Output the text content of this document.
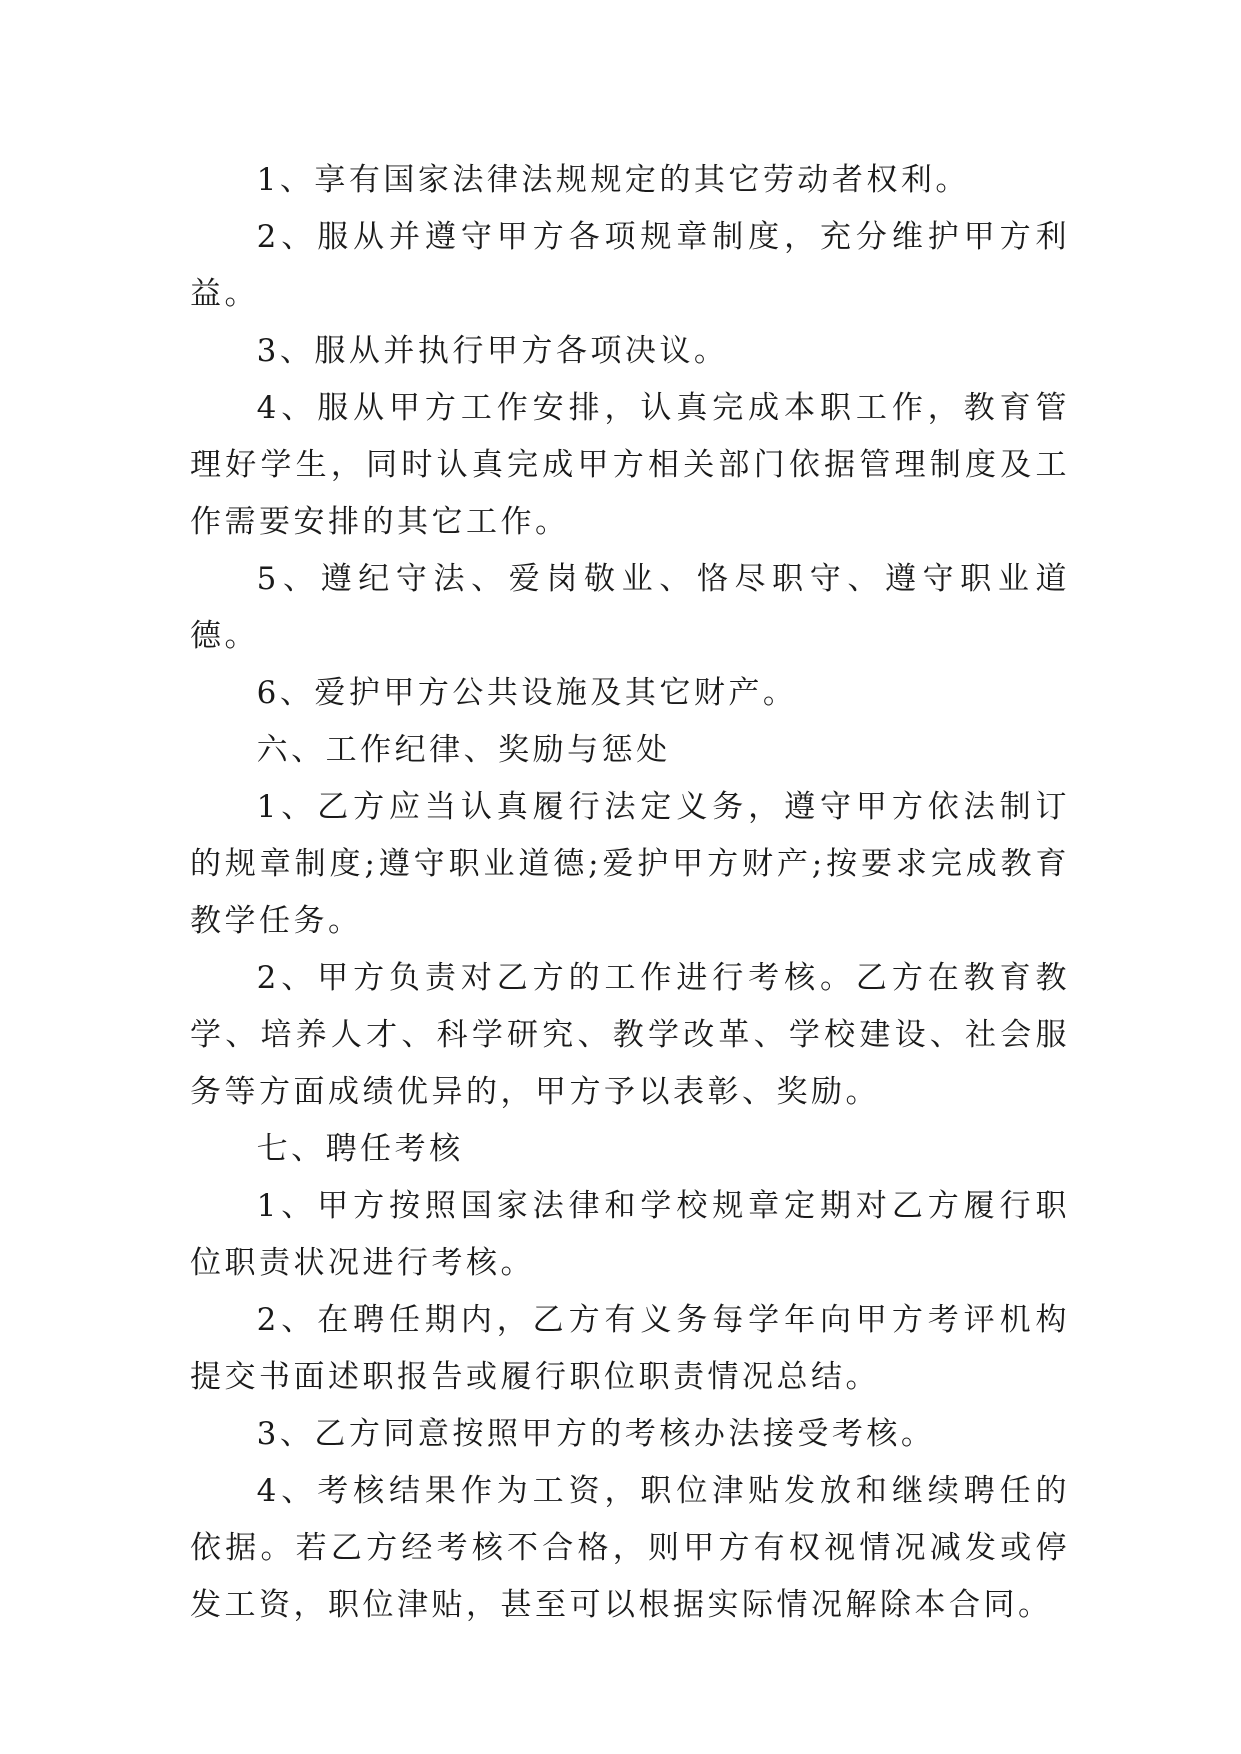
1、享有国家法律法规规定的其它劳动者权利。

2、服从并遵守甲方各项规章制度，充分维护甲方利益。

3、服从并执行甲方各项决议。

4、服从甲方工作安排，认真完成本职工作，教育管理好学生，同时认真完成甲方相关部门依据管理制度及工作需要安排的其它工作。

5、遵纪守法、爱岗敬业、恪尽职守、遵守职业道德。

6、爱护甲方公共设施及其它财产。

六、工作纪律、奖励与惩处

1、乙方应当认真履行法定义务，遵守甲方依法制订的规章制度;遵守职业道德;爱护甲方财产;按要求完成教育教学任务。

2、甲方负责对乙方的工作进行考核。乙方在教育教学、培养人才、科学研究、教学改革、学校建设、社会服务等方面成绩优异的，甲方予以表彰、奖励。

七、聘任考核

1、甲方按照国家法律和学校规章定期对乙方履行职位职责状况进行考核。

2、在聘任期内，乙方有义务每学年向甲方考评机构提交书面述职报告或履行职位职责情况总结。

3、乙方同意按照甲方的考核办法接受考核。

4、考核结果作为工资，职位津贴发放和继续聘任的依据。若乙方经考核不合格，则甲方有权视情况减发或停发工资，职位津贴，甚至可以根据实际情况解除本合同。
